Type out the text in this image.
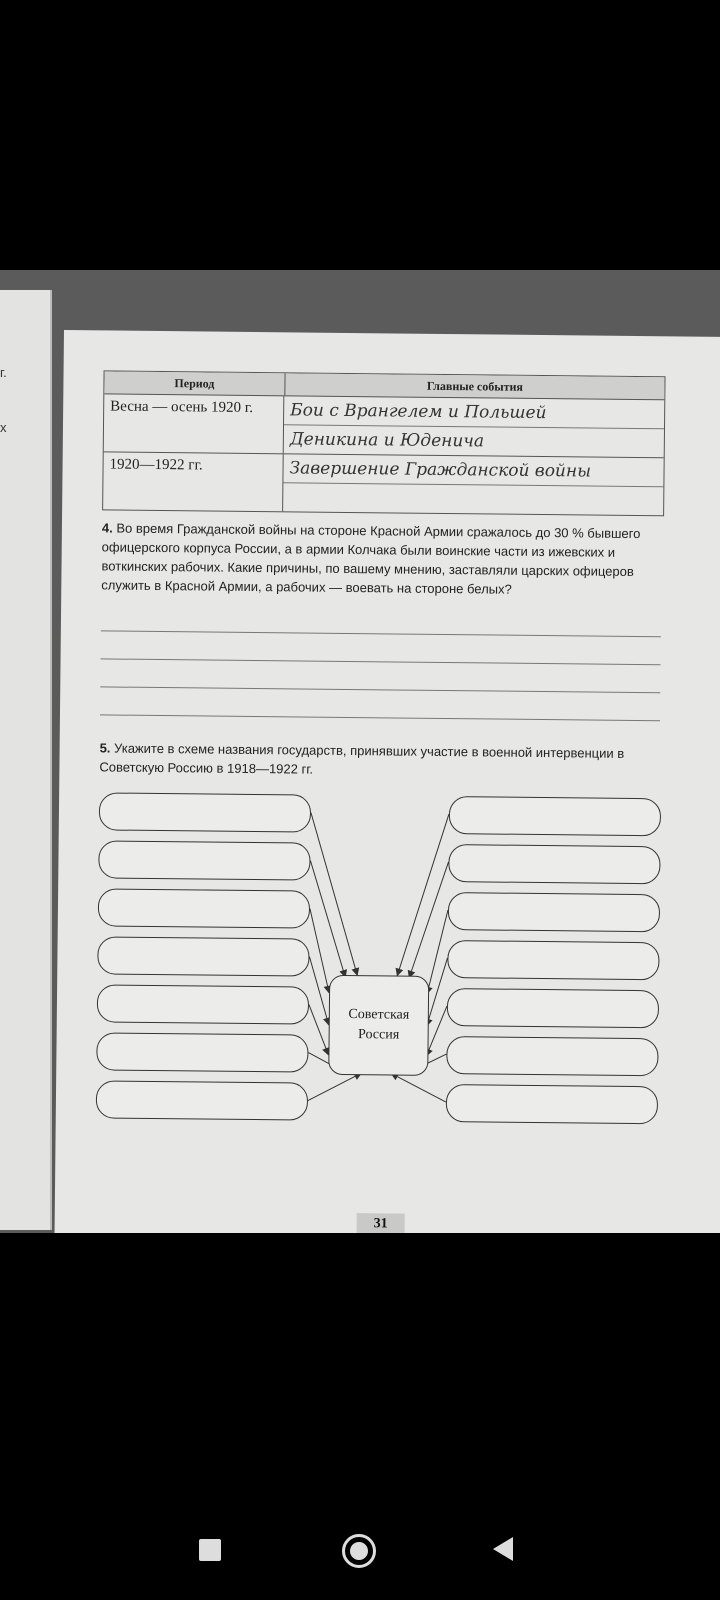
г.
х
Период	Главные события
Весна — осень 1920 г.	Бои с Врангелем и Польшей
Деникина и Юденича
1920—1922 гг.	Завершение Гражданской войны
4. Во время Гражданской войны на стороне Красной Армии сражалось до 30 % бывшего офицерского корпуса России, а в армии Колчака были воинские части из ижевских и воткинских рабочих. Какие причины, по вашему мнению, заставляли царских офицеров служить в Красной Армии, а рабочих — воевать на стороне белых?
5. Укажите в схеме названия государств, принявших участие в военной интервенции в Советскую Россию в 1918—1922 гг.
Советская
Россия
31
